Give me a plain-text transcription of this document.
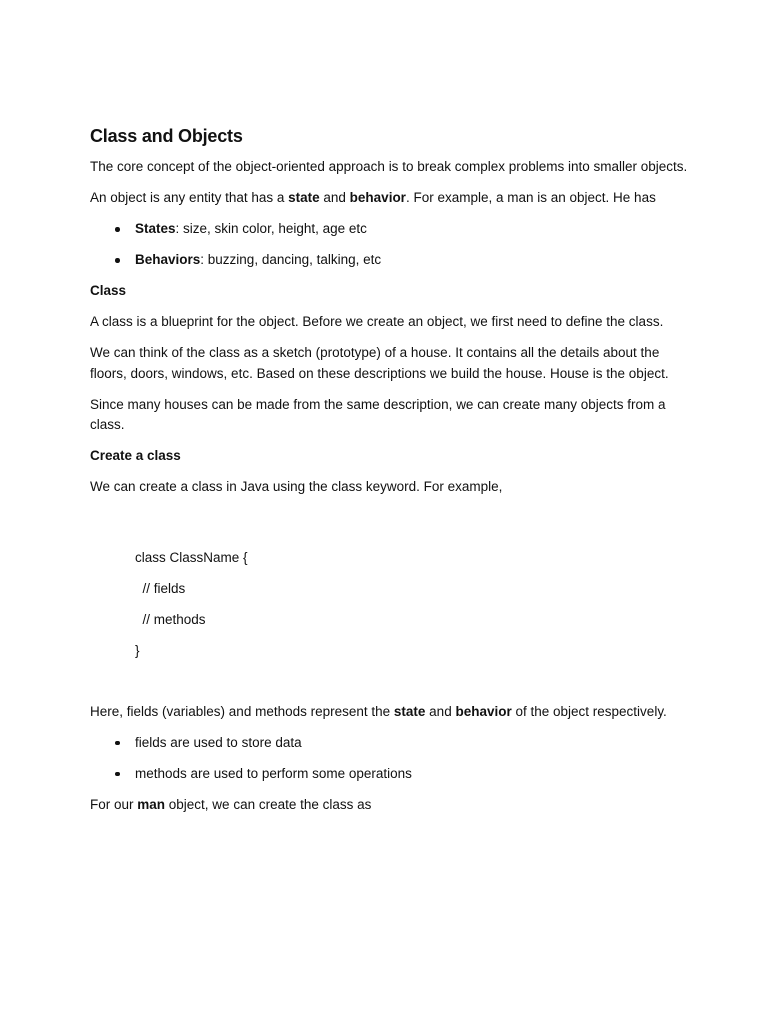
Class and Objects

The core concept of the object-oriented approach is to break complex problems into smaller objects.

An object is any entity that has a state and behavior. For example, a man is an object. He has

States: size, skin color, height, age etc
Behaviors: buzzing, dancing, talking, etc

Class

A class is a blueprint for the object. Before we create an object, we first need to define the class.

We can think of the class as a sketch (prototype) of a house. It contains all the details about the floors, doors, windows, etc. Based on these descriptions we build the house. House is the object.

Since many houses can be made from the same description, we can create many objects from a class.

Create a class

We can create a class in Java using the class keyword. For example,

class ClassName {
// fields
// methods
}

Here, fields (variables) and methods represent the state and behavior of the object respectively.

fields are used to store data
methods are used to perform some operations

For our man object, we can create the class as
